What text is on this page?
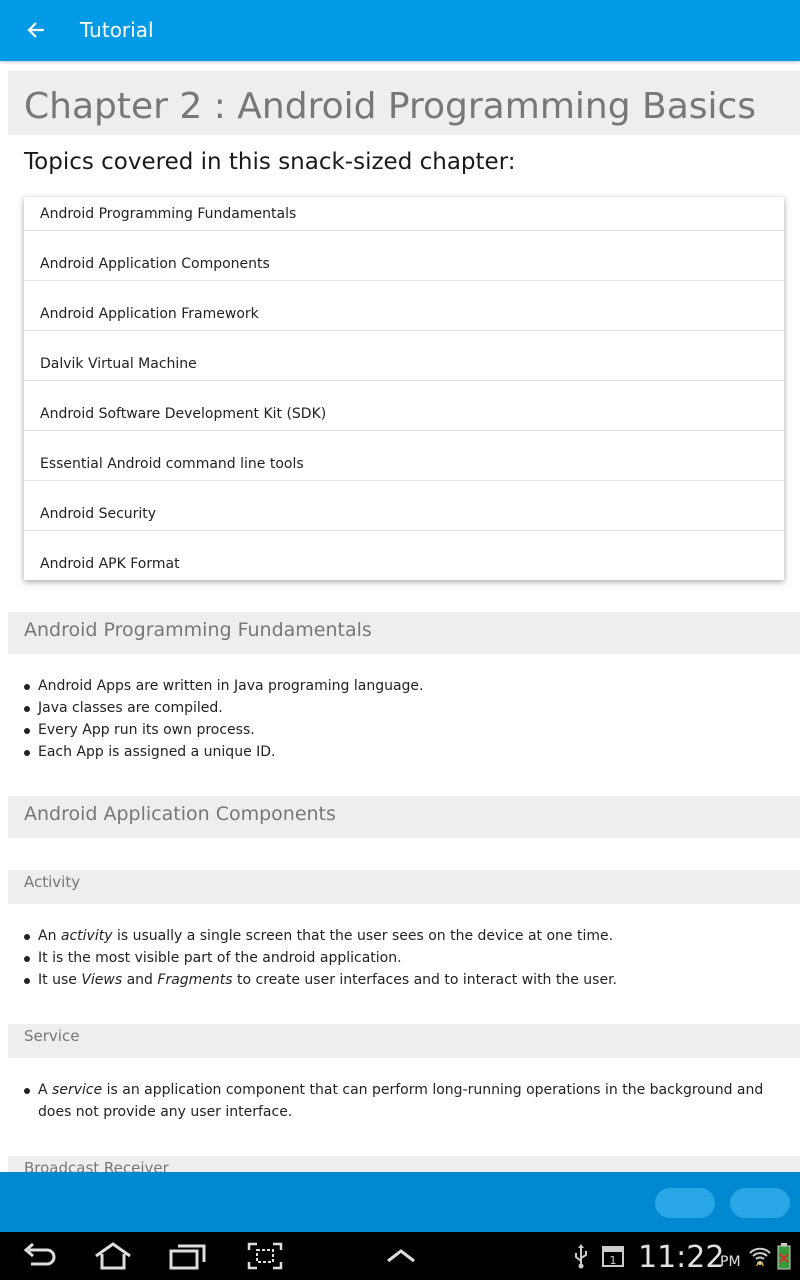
Tutorial
Chapter 2 : Android Programming Basics
Topics covered in this snack-sized chapter:
Android Programming Fundamentals
Android Application Components
Android Application Framework
Dalvik Virtual Machine
Android Software Development Kit (SDK)
Essential Android command line tools
Android Security
Android APK Format
Android Programming Fundamentals
Android Apps are written in Java programing language.
Java classes are compiled.
Every App run its own process.
Each App is assigned a unique ID.
Android Application Components
Activity
An activity is usually a single screen that the user sees on the device at one time.
It is the most visible part of the android application.
It use Views and Fragments to create user interfaces and to interact with the user.
Service
A service is an application component that can perform long-running operations in the background and does not provide any user interface.
Broadcast Receiver
1 11:22
PM
